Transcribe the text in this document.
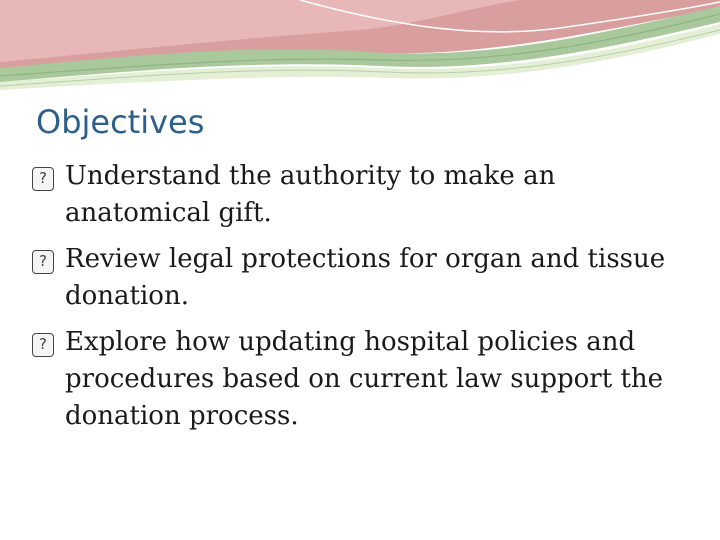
Objectives
?
Understand the authority to make an anatomical gift.
?
Review legal protections for organ and tissue donation.
?
Explore how updating hospital policies and procedures based on current law support the donation process.
